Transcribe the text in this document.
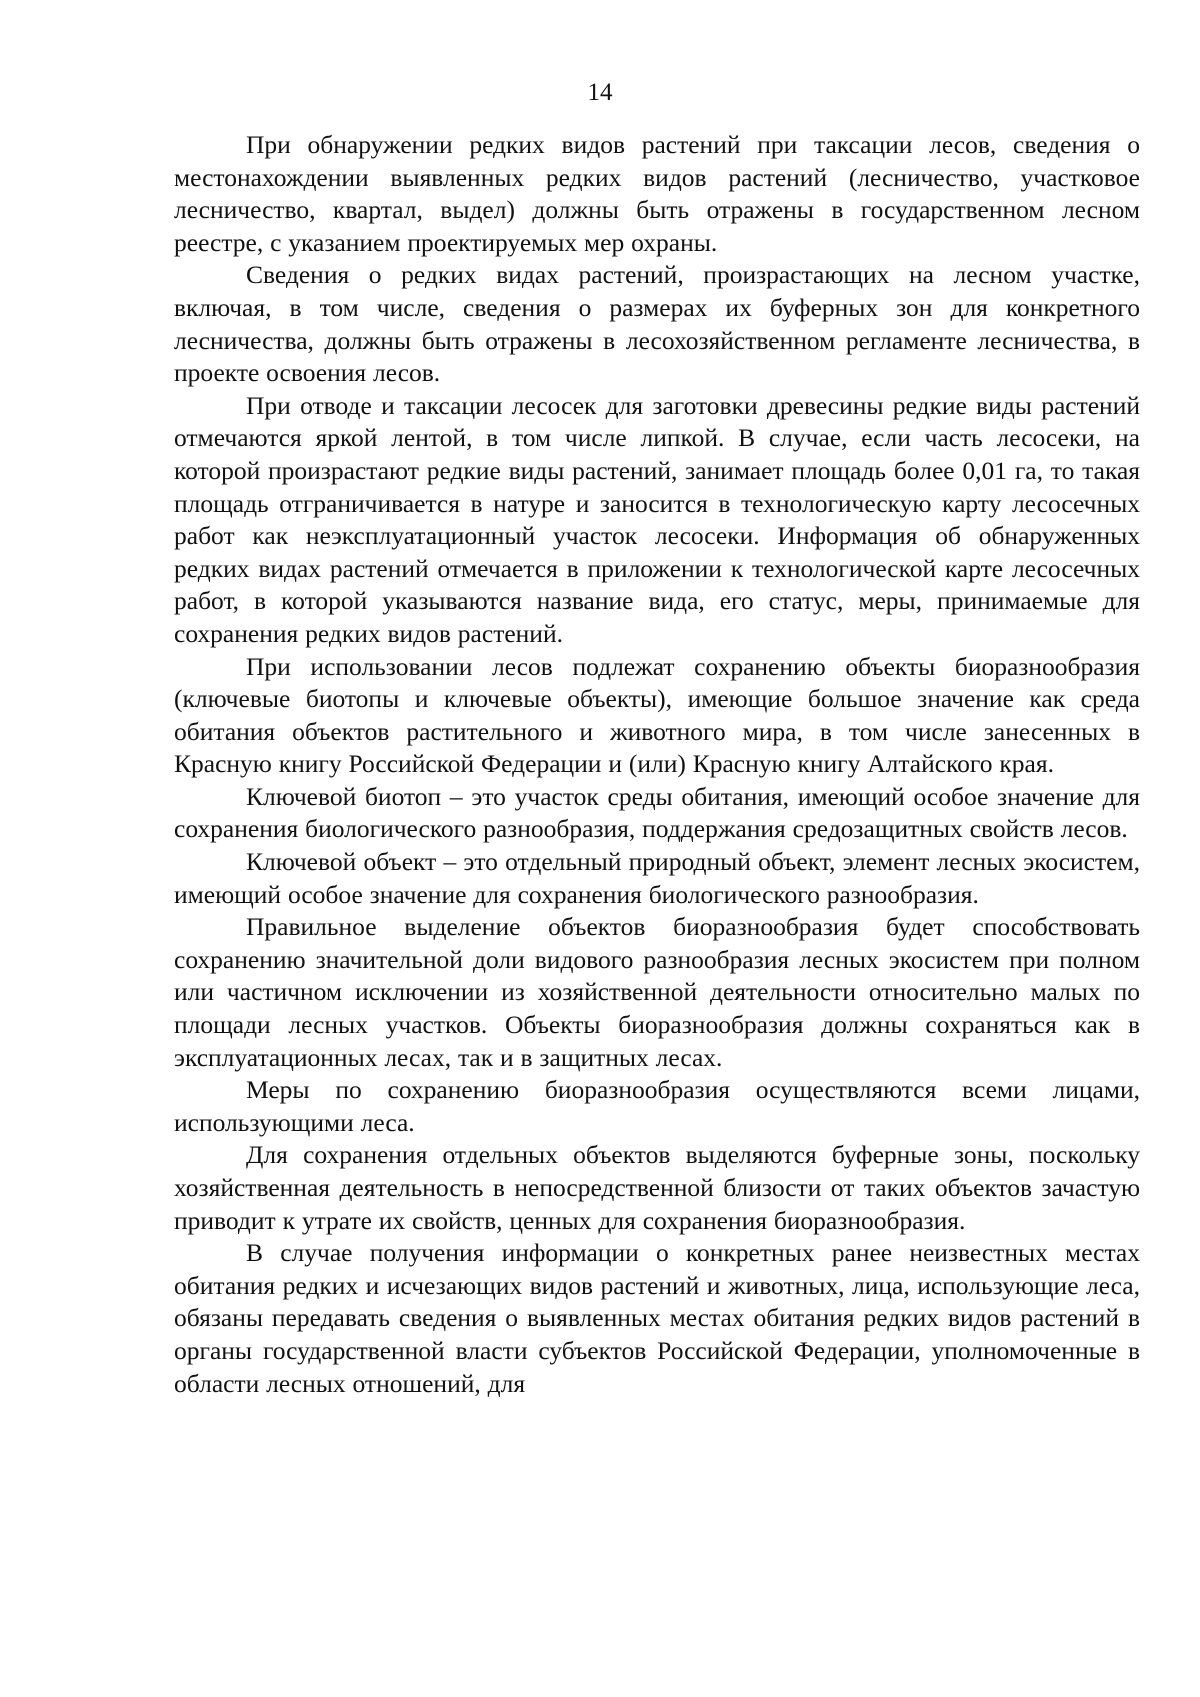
14

При обнаружении редких видов растений при таксации лесов, сведения о местонахождении выявленных редких видов растений (лесничество, участковое лесничество, квартал, выдел) должны быть отражены в государственном лесном реестре, с указанием проектируемых мер охраны.

Сведения о редких видах растений, произрастающих на лесном участке, включая, в том числе, сведения о размерах их буферных зон для конкретного лесничества, должны быть отражены в лесохозяйственном регламенте лесничества, в проекте освоения лесов.

При отводе и таксации лесосек для заготовки древесины редкие виды растений отмечаются яркой лентой, в том числе липкой. В случае, если часть лесосеки, на которой произрастают редкие виды растений, занимает площадь более 0,01 га, то такая площадь отграничивается в натуре и заносится в технологическую карту лесосечных работ как неэксплуатационный участок лесосеки. Информация об обнаруженных редких видах растений отмечается в приложении к технологической карте лесосечных работ, в которой указываются название вида, его статус, меры, принимаемые для сохранения редких видов растений.

При использовании лесов подлежат сохранению объекты биоразнообразия (ключевые биотопы и ключевые объекты), имеющие большое значение как среда обитания объектов растительного и животного мира, в том числе занесенных в Красную книгу Российской Федерации и (или) Красную книгу Алтайского края.

Ключевой биотоп – это участок среды обитания, имеющий особое значение для сохранения биологического разнообразия, поддержания средозащитных свойств лесов.

Ключевой объект – это отдельный природный объект, элемент лесных экосистем, имеющий особое значение для сохранения биологического разнообразия.

Правильное выделение объектов биоразнообразия будет способствовать сохранению значительной доли видового разнообразия лесных экосистем при полном или частичном исключении из хозяйственной деятельности относительно малых по площади лесных участков. Объекты биоразнообразия должны сохраняться как в эксплуатационных лесах, так и в защитных лесах.

Меры по сохранению биоразнообразия осуществляются всеми лицами, использующими леса.

Для сохранения отдельных объектов выделяются буферные зоны, поскольку хозяйственная деятельность в непосредственной близости от таких объектов зачастую приводит к утрате их свойств, ценных для сохранения биоразнообразия.

В случае получения информации о конкретных ранее неизвестных местах обитания редких и исчезающих видов растений и животных, лица, использующие леса, обязаны передавать сведения о выявленных местах обитания редких видов растений в органы государственной власти субъектов Российской Федерации, уполномоченные в области лесных отношений, для
